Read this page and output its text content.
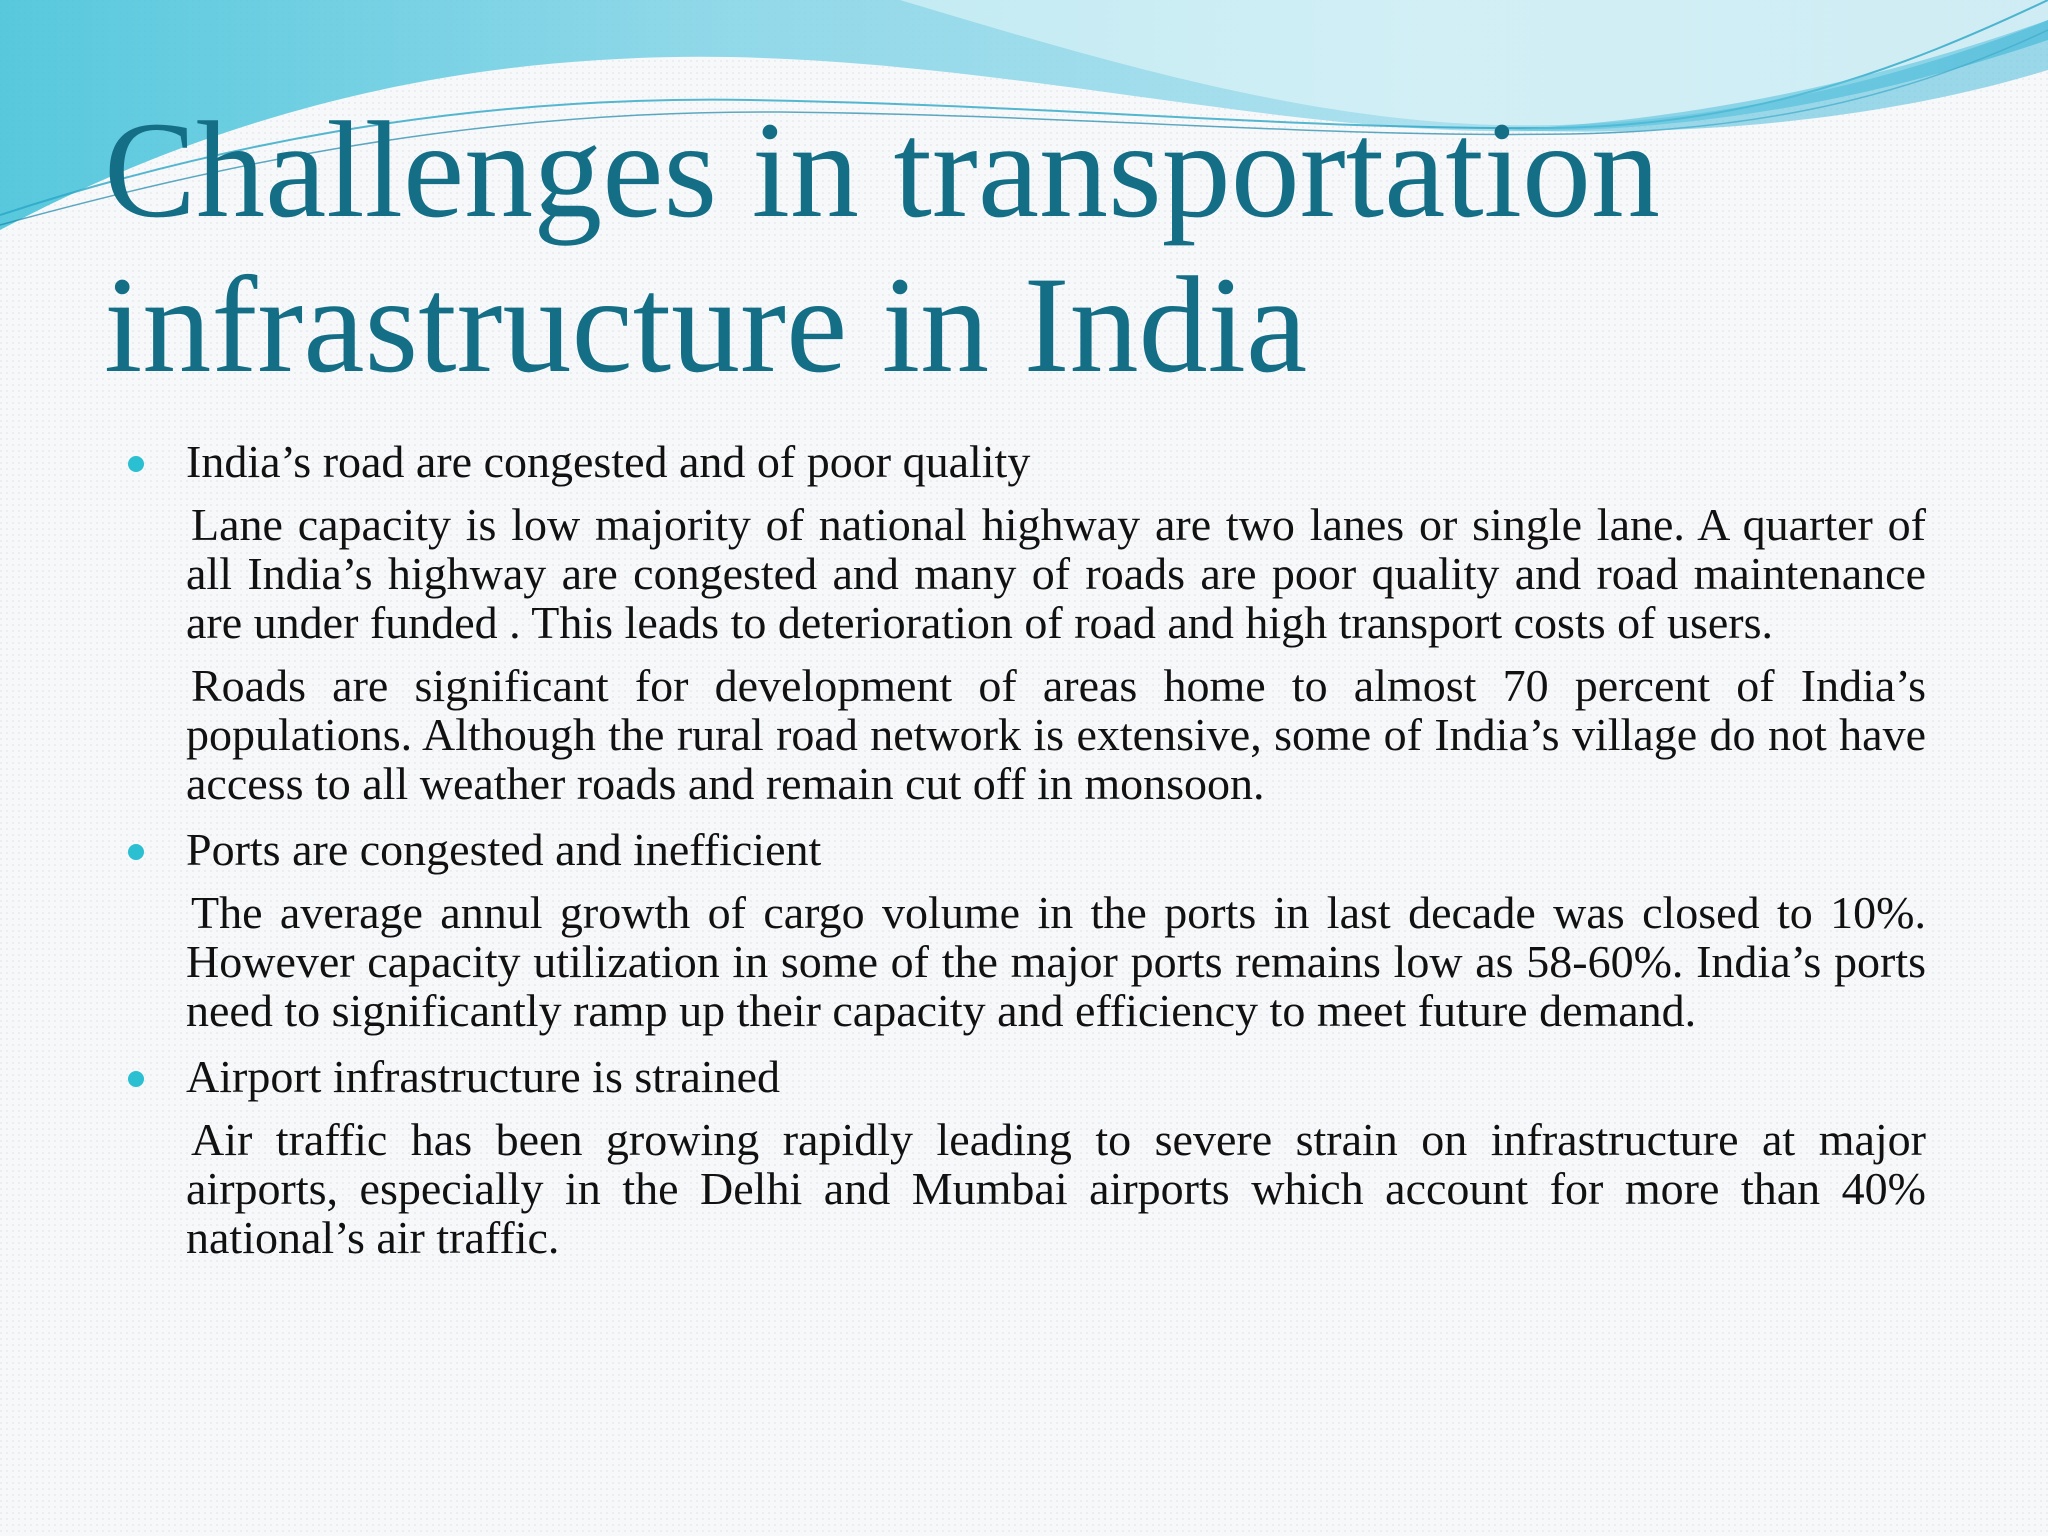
Challenges in transportation infrastructure in India
India’s road are congested and of poor quality

Lane capacity is low majority of national highway are two lanes or single lane. A quarter of all India’s highway are congested and many of roads are poor quality and road maintenance are under funded . This leads to deterioration of road and high transport costs of users.

Roads are significant for development of areas home to almost 70 percent of India’s populations. Although the rural road network is extensive, some of India’s village do not have access to all weather roads and remain cut off in monsoon.

Ports are congested and inefficient

The average annul growth of cargo volume in the ports in last decade was closed to 10%. However capacity utilization in some of the major ports remains low as 58-60%. India’s ports need to significantly ramp up their capacity and efficiency to meet future demand.

Airport infrastructure is strained

Air traffic has been growing rapidly leading to severe strain on infrastructure at major airports, especially in the Delhi and Mumbai airports which account for more than 40% national’s air traffic.
